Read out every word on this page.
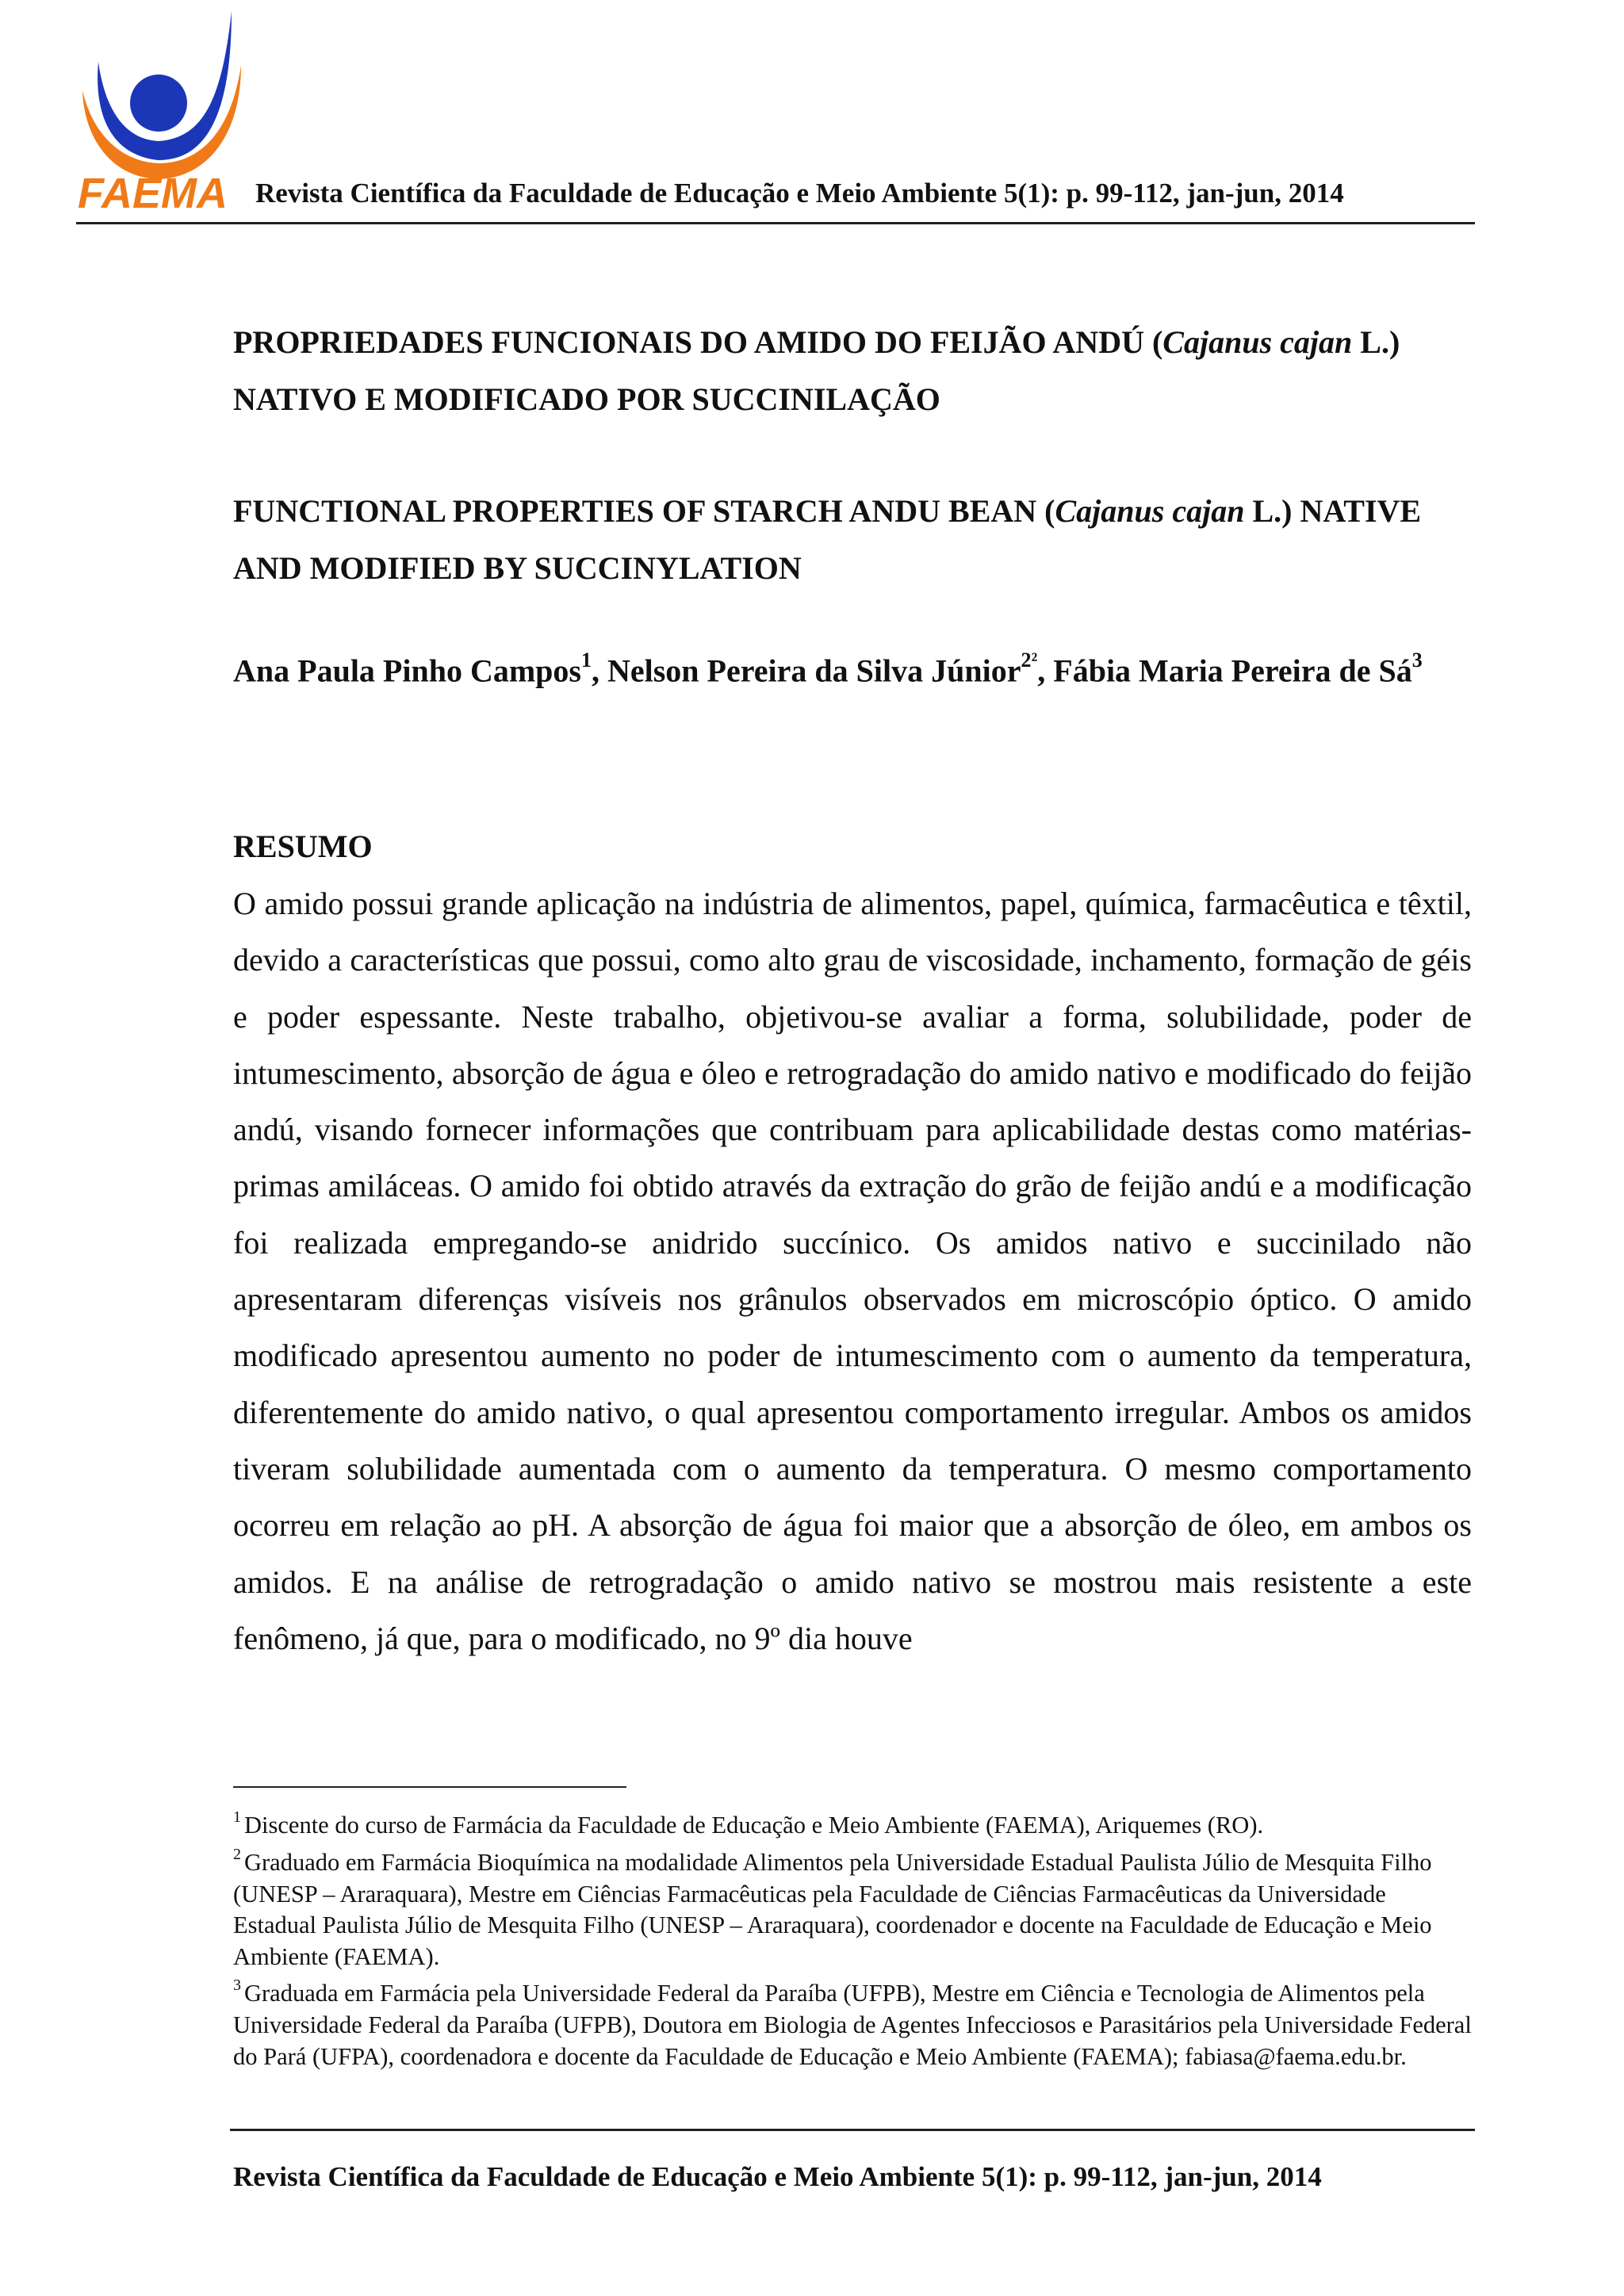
FAEMA Revista Científica da Faculdade de Educação e Meio Ambiente 5(1): p. 99-112, jan-jun, 2014
PROPRIEDADES FUNCIONAIS DO AMIDO DO FEIJÃO ANDÚ (Cajanus cajan L.) NATIVO E MODIFICADO POR SUCCINILAÇÃO
FUNCTIONAL PROPERTIES OF STARCH ANDU BEAN (Cajanus cajan L.) NATIVE AND MODIFIED BY SUCCINYLATION
Ana Paula Pinho Campos$^1$, Nelson Pereira da Silva Júnior$^{2^2}$, Fábia Maria Pereira de $Sá^3$
RESUMO

O amido possui grande aplicação na indústria de alimentos, papel, química, farmacêutica e têxtil, devido a características que possui, como alto grau de viscosidade, inchamento, formação de géis e poder espessante. Neste trabalho, objetivou-se avaliar a forma, solubilidade, poder de intumescimento, absorção de água e óleo e retrogradação do amido nativo e modificado do feijão andú, visando fornecer informações que contribuam para aplicabilidade destas como matérias-primas amiláceas. O amido foi obtido através da extração do grão de feijão andú e a modificação foi realizada empregando-se anidrido succínico. Os amidos nativo e succinilado não apresentaram diferenças visíveis nos grânulos observados em microscópio óptico. O amido modificado apresentou aumento no poder de intumescimento com o aumento da temperatura, diferentemente do amido nativo, o qual apresentou comportamento irregular. Ambos os amidos tiveram solubilidade aumentada com o aumento da temperatura. O mesmo comportamento ocorreu em relação ao pH. A absorção de água foi maior que a absorção de óleo, em ambos os amidos. E na análise de retrogradação o amido nativo se mostrou mais resistente a este fenômeno, já que, para o modificado, no 9º dia houve

$^1$ Discente do curso de Farmácia da Faculdade de Educação e Meio Ambiente (FAEMA), Ariquemes (RO).

$^2$ Graduado em Farmácia Bioquímica na modalidade Alimentos pela Universidade Estadual Paulista Júlio de Mesquita Filho (UNESP – Araraquara), Mestre em Ciências Farmacêuticas pela Faculdade de Ciências Farmacêuticas da Universidade Estadual Paulista Júlio de Mesquita Filho (UNESP – Araraquara), coordenador e docente na Faculdade de Educação e Meio Ambiente (FAEMA).

$^3$ Graduada em Farmácia pela Universidade Federal da Paraíba (UFPB), Mestre em Ciência e Tecnologia de Alimentos pela Universidade Federal da Paraíba (UFPB), Doutora em Biologia de Agentes Infecciosos e Parasitários pela Universidade Federal do Pará (UFPA), coordenadora e docente da Faculdade de Educação e Meio Ambiente (FAEMA); fabiasa@faema.edu.br.

Revista Científica da Faculdade de Educação e Meio Ambiente 5(1): p. 99-112, jan-jun, 2014
